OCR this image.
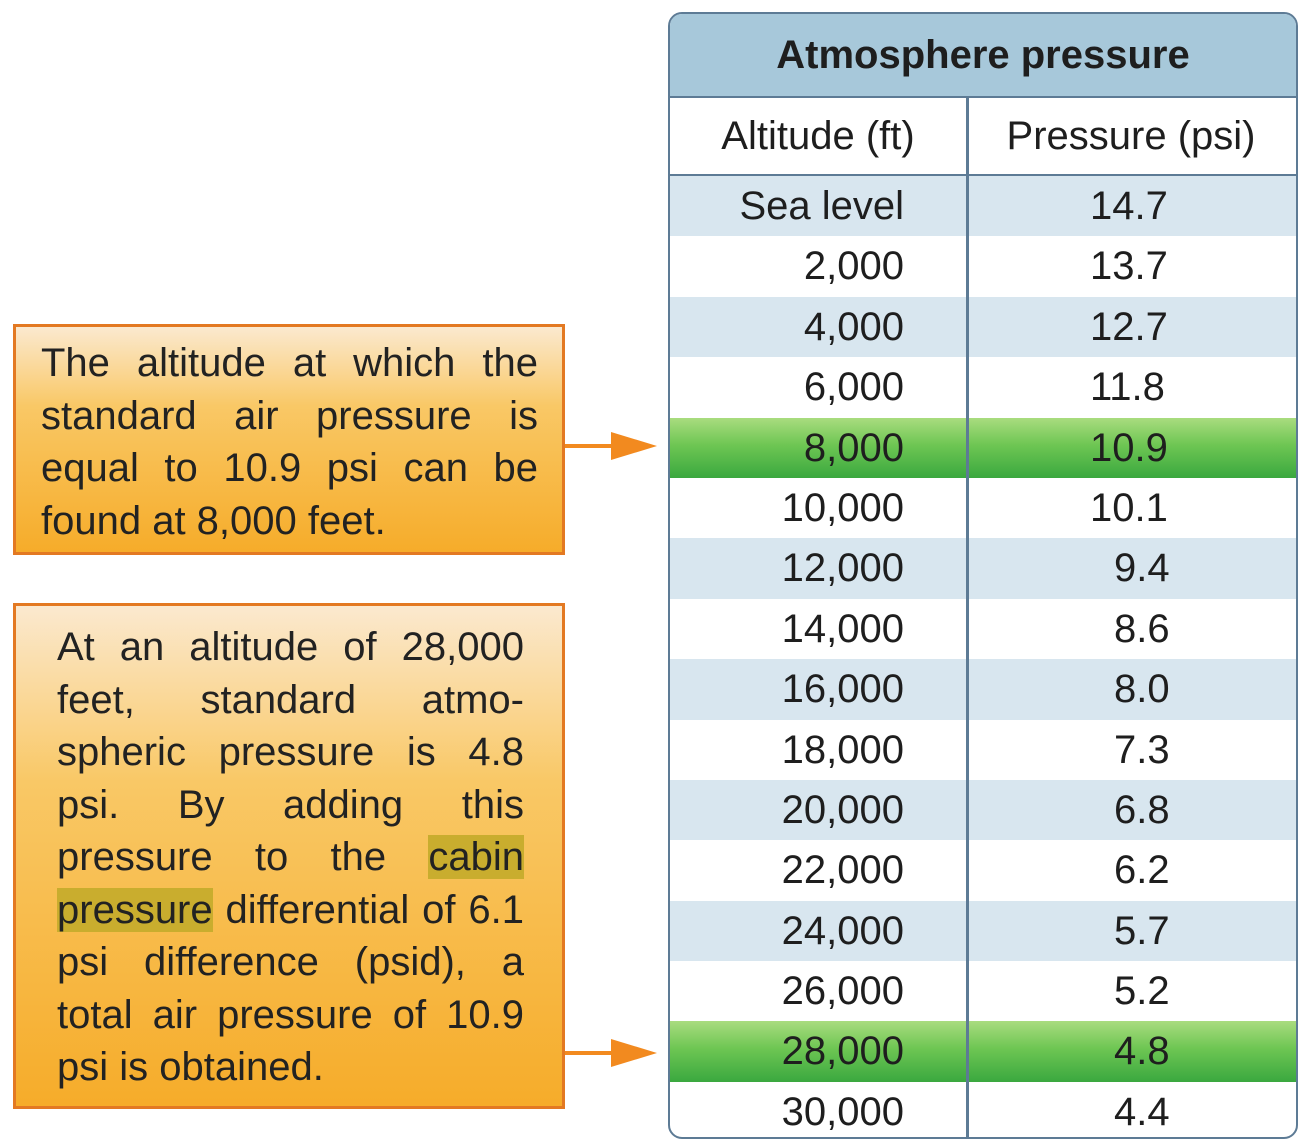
The altitude at which the standard air pressure is equal to 10.9 psi can be found at 8,000 feet.

At an altitude of 28,000 feet, standard atmospheric pressure is 4.8 psi. By adding this pressure to the cabin pressure differential of 6.1 psi difference (psid), a total air pressure of 10.9 psi is obtained.

Atmosphere pressure
Altitude (ft)	Pressure (psi)
Sea level	14.7
2,000	13.7
4,000	12.7
6,000	11.8
8,000	10.9
10,000	10.1
12,000	9.4
14,000	8.6
16,000	8.0
18,000	7.3
20,000	6.8
22,000	6.2
24,000	5.7
26,000	5.2
28,000	4.8
30,000	4.4
